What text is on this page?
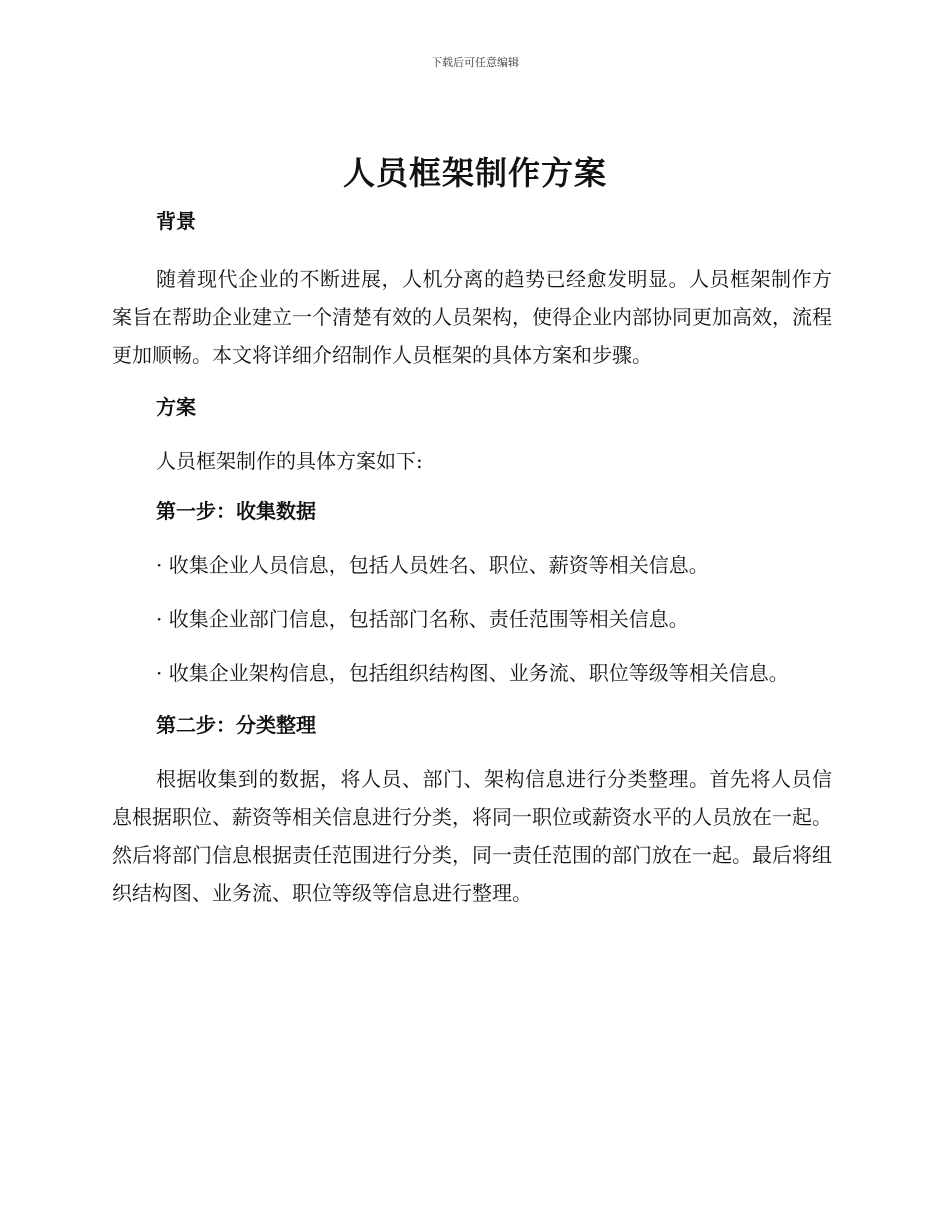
下载后可任意编辑
人员框架制作方案

背景

随着现代企业的不断进展，人机分离的趋势已经愈发明显。人员框架制作方案旨在帮助企业建立一个清楚有效的人员架构，使得企业内部协同更加高效，流程更加顺畅。本文将详细介绍制作人员框架的具体方案和步骤。

方案

人员框架制作的具体方案如下:

第一步：收集数据

· 收集企业人员信息，包括人员姓名、职位、薪资等相关信息。

· 收集企业部门信息，包括部门名称、责任范围等相关信息。

· 收集企业架构信息，包括组织结构图、业务流、职位等级等相关信息。

第二步：分类整理

根据收集到的数据，将人员、部门、架构信息进行分类整理。首先将人员信息根据职位、薪资等相关信息进行分类，将同一职位或薪资水平的人员放在一起。然后将部门信息根据责任范围进行分类，同一责任范围的部门放在一起。最后将组织结构图、业务流、职位等级等信息进行整理。
